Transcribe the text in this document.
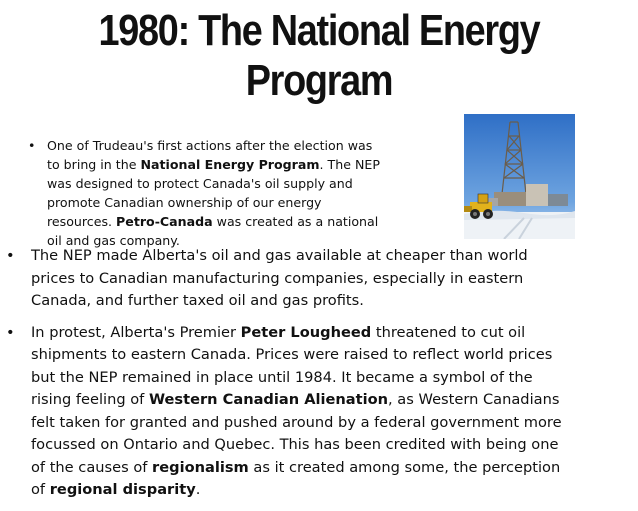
1980: The National Energy
Program
• One of Trudeau's first actions after the election was to bring in the National Energy Program. The NEP was designed to protect Canada's oil supply and promote Canadian ownership of our energy resources. Petro-Canada was created as a national oil and gas company.
• The NEP made Alberta's oil and gas available at cheaper than world prices to Canadian manufacturing companies, especially in eastern Canada, and further taxed oil and gas profits.
• In protest, Alberta's Premier Peter Lougheed threatened to cut oil shipments to eastern Canada. Prices were raised to reflect world prices but the NEP remained in place until 1984. It became a symbol of the rising feeling of Western Canadian Alienation, as Western Canadians felt taken for granted and pushed around by a federal government more focussed on Ontario and Quebec. This has been credited with being one of the causes of regionalism as it created among some, the perception of regional disparity.
